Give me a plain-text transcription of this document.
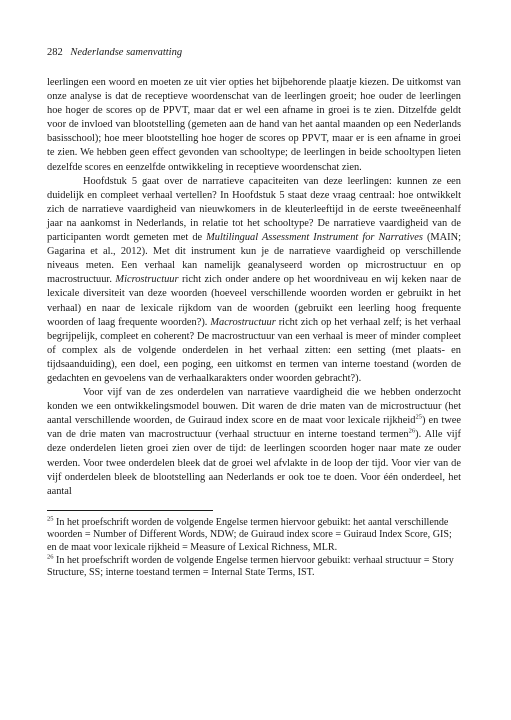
282 Nederlandse samenvatting

leerlingen een woord en moeten ze uit vier opties het bijbehorende plaatje kiezen. De uitkomst van onze analyse is dat de receptieve woordenschat van de leerlingen groeit; hoe ouder de leerlingen hoe hoger de scores op de PPVT, maar dat er wel een afname in groei is te zien. Ditzelfde geldt voor de invloed van blootstelling (gemeten aan de hand van het aantal maanden op een Nederlands basisschool); hoe meer blootstelling hoe hoger de scores op PPVT, maar er is een afname in groei te zien. We hebben geen effect gevonden van schooltype; de leerlingen in beide schooltypen lieten dezelfde scores en eenzelfde ontwikkeling in receptieve woordenschat zien.

Hoofdstuk 5 gaat over de narratieve capaciteiten van deze leerlingen: kunnen ze een duidelijk en compleet verhaal vertellen? In Hoofdstuk 5 staat deze vraag centraal: hoe ontwikkelt zich de narratieve vaardigheid van nieuwkomers in de kleuterleeftijd in de eerste tweeëneenhalf jaar na aankomst in Nederlands, in relatie tot het schooltype? De narratieve vaardigheid van de participanten wordt gemeten met de Multilingual Assessment Instrument for Narratives (MAIN; Gagarina et al., 2012). Met dit instrument kun je de narratieve vaardigheid op verschillende niveaus meten. Een verhaal kan namelijk geanalyseerd worden op microstructuur en op macrostructuur. Microstructuur richt zich onder andere op het woordniveau en wij keken naar de lexicale diversiteit van deze woorden (hoeveel verschillende woorden worden er gebruikt in het verhaal) en naar de lexicale rijkdom van de woorden (gebruikt een leerling hoog frequente woorden of laag frequente woorden?). Macrostructuur richt zich op het verhaal zelf; is het verhaal begrijpelijk, compleet en coherent? De macrostructuur van een verhaal is meer of minder compleet of complex als de volgende onderdelen in het verhaal zitten: een setting (met plaats- en tijdsaanduiding), een doel, een poging, een uitkomst en termen van interne toestand (worden de gedachten en gevoelens van de verhaalkarakters onder woorden gebracht?).

Voor vijf van de zes onderdelen van narratieve vaardigheid die we hebben onderzocht konden we een ontwikkelingsmodel bouwen. Dit waren de drie maten van de microstructuur (het aantal verschillende woorden, de Guiraud index score en de maat voor lexicale rijkheid$^{25}$) en twee van de drie maten van macrostructuur (verhaal structuur en interne toestand termen$^{26}$). Alle vijf deze onderdelen lieten groei zien over de tijd: de leerlingen scoorden hoger naar mate ze ouder werden. Voor twee onderdelen bleek dat de groei wel afvlakte in de loop der tijd. Voor vier van de vijf onderdelen bleek de blootstelling aan Nederlands er ook toe te doen. Voor één onderdeel, het aantal

$^{25}$ In het proefschrift worden de volgende Engelse termen hiervoor gebuikt: het aantal verschillende woorden = Number of Different Words, NDW; de Guiraud index score = Guiraud Index Score, GIS; en de maat voor lexicale rijkheid = Measure of Lexical Richness, MLR.

$^{26}$ In het proefschrift worden de volgende Engelse termen hiervoor gebuikt: verhaal structuur = Story Structure, SS; interne toestand termen = Internal State Terms, IST.
